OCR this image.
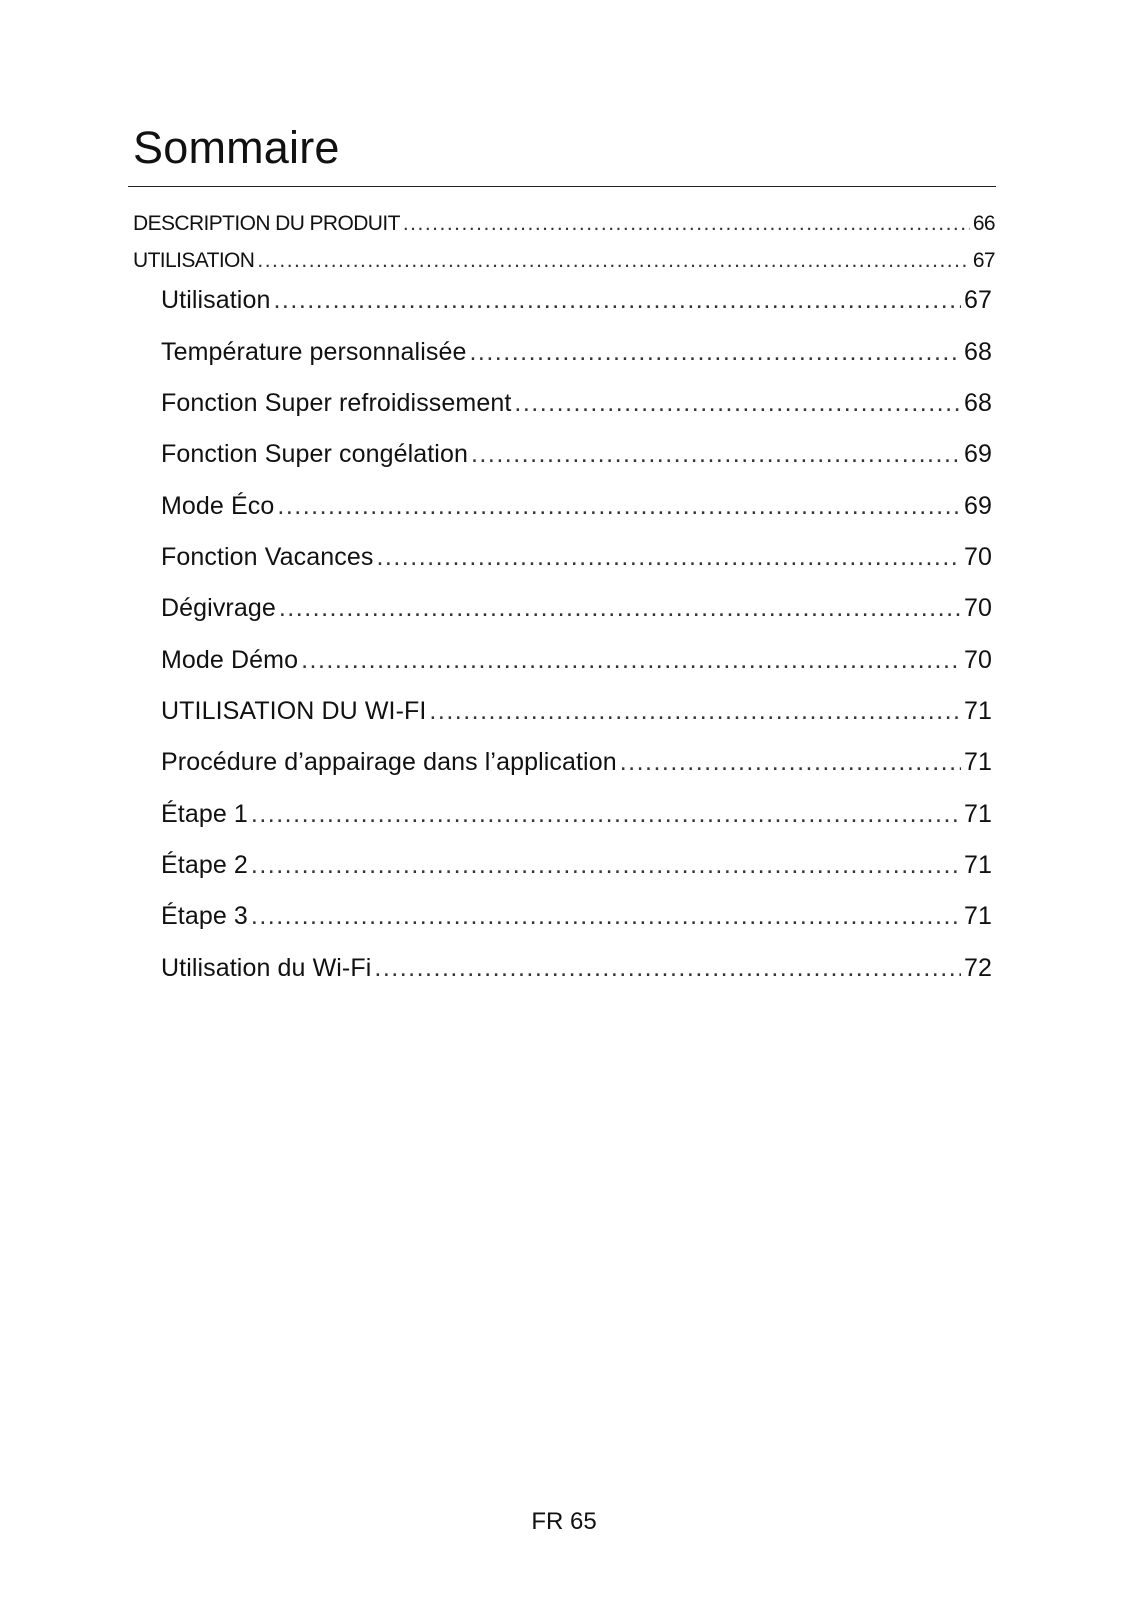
Sommaire
DESCRIPTION DU PRODUIT .....	66
UTILISATION .....	67
Utilisation .....	67
Température personnalisée .....	68
Fonction Super refroidissement .....	68
Fonction Super congélation .....	69
Mode Éco .....	69
Fonction Vacances .....	70
Dégivrage .....	70
Mode Démo .....	70
UTILISATION DU WI-FI .....	71
Procédure d’appairage dans l’application .....	71
Étape 1 .....	71
Étape 2 .....	71
Étape 3 .....	71
Utilisation du Wi-Fi .....	72
FR 65
